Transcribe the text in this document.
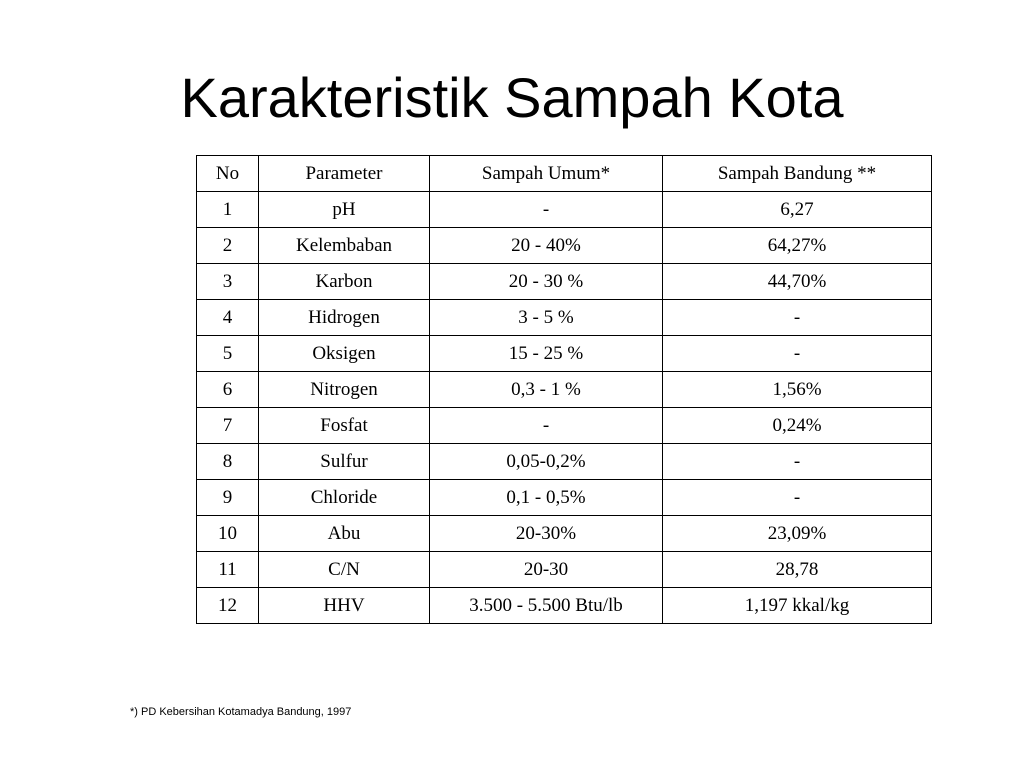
Karakteristik Sampah Kota
No	Parameter	Sampah Umum*	Sampah Bandung **
1	pH	-	6,27
2	Kelembaban	20 - 40%	64,27%
3	Karbon	20 - 30 %	44,70%
4	Hidrogen	3 - 5 %	-
5	Oksigen	15 - 25 %	-
6	Nitrogen	0,3 - 1 %	1,56%
7	Fosfat	-	0,24%
8	Sulfur	0,05-0,2%	-
9	Chloride	0,1 - 0,5%	-
10	Abu	20-30%	23,09%
11	C/N	20-30	28,78
12	HHV	3.500 - 5.500 Btu/lb	1,197 kkal/kg
*) PD Kebersihan Kotamadya Bandung, 1997
